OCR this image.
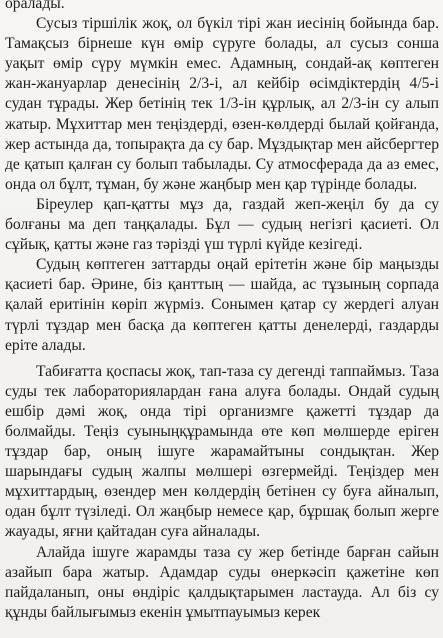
оралады.

Сусыз тіршілік жоқ, ол бүкіл тірі жан иесінің бойында бар. Тамақсыз бірнеше күн өмір сүруге болады, ал сусыз сонша уақыт өмір сүру мүмкін емес. Адамның, сондай-ақ көптеген жан-жануарлар денесінің 2/3-і, ал кейбір өсімдіктердің 4/5-і судан тұрады. Жер бетінің тек 1/3-ін құрлық, ал 2/3-ін су алып жатыр. Мұхиттар мен теңіздерді, өзен-көлдерді былай қойғанда, жер астында да, топырақта да су бар. Мұздықтар мен айсбергтер де қатып қалған су болып табылады. Су атмосферада да аз емес, онда ол бұлт, тұман, бу және жаңбыр мен қар түрінде болады.

Біреулер қап-қатты мұз да, газдай жеп-жеңіл бу да су болғаны ма деп таңқалады. Бұл — судың негізгі қасиеті. Ол сұйық, қатты және газ тәрізді үш түрлі күйде кезігеді.

Судың көптеген заттарды оңай ерітетін және бір маңызды қасиеті бар. Әрине, біз қанттың — шайда, ас тұзының сорпада қалай еритінін көріп жүрміз. Сонымен қатар су жердегі алуан түрлі тұздар мен басқа да көптеген қатты денелерді, газдарды ерітe алады.

Табиғатта қоспасы жоқ, тап-таза су дегенді таппаймыз. Таза суды тек лабораториялардан ғана алуға болады. Ондай судың ешбір дәмі жоқ, онда тірі организмге қажетті тұздар да болмайды. Теңіз суыныңқұрамында өте көп мөлшерде еріген тұздар бар, оның ішуге жарамайтыны сондықтан. Жер шарындағы судың жалпы мөлшері өзгермейді. Теңіздер мен мұхиттардың, өзендер мен көлдердің бетінен су буға айналып, одан бұлт түзіледі. Ол жаңбыр немесе қар, бұршақ болып жерге жауады, яғни қайтадан суға айналады.

Алайда ішуге жарамды таза су жер бетінде барған сайын азайып бара жатыр. Адамдар суды өнеркәсіп қажетіне көп пайдаланып, оны өндіріс қалдықтарымен ластауда. Ал біз су құнды байлығымыз екенін ұмытпауымыз керек
